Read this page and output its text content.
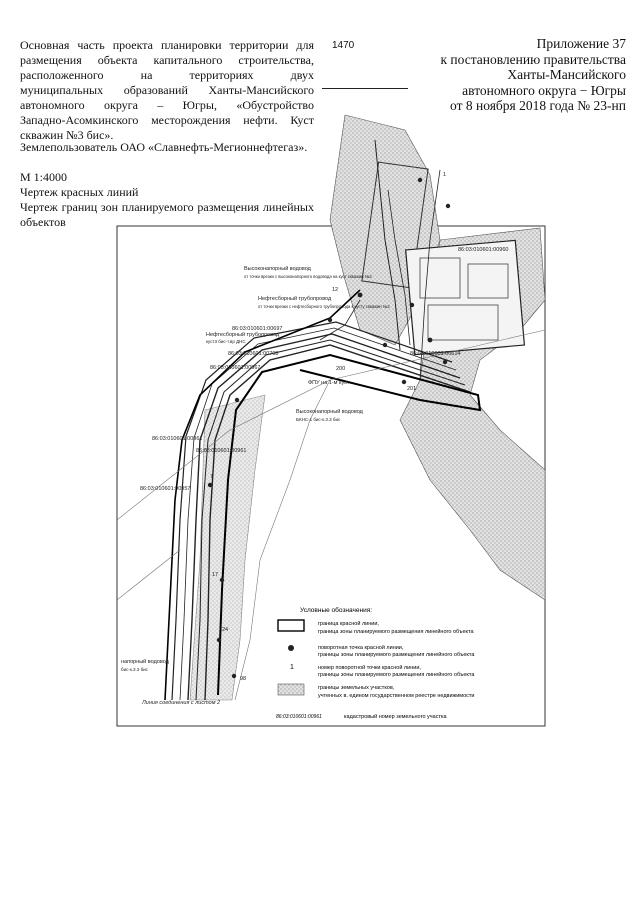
Основная часть проекта планировки территории для
размещения объекта капитального строительства,
расположенного на территориях двух
муниципальных образований Ханты-Мансийского
автономного округа – Югры, «Обустройство
Западно-Асомкинского месторождения нефти. Куст
скважин №3 бис».
Землепользователь ОАО «Славнефть-Мегионнефтегаз».
М 1:4000
Чертеж красных линий
Чертеж границ зон планируемого размещения линейных объектов
1470	Приложение 37
к постановлению правительства
Ханты-Мансийского
автономного округа − Югры
от 8 ноября 2018 года № 23-нп
Высоконапорный водовод
от точки врезки с высоконапорного водовода на куст скважин №3
Нефтесборный трубопровод
от точки врезки с нефтесборного трубопровода к кусту скважин №3
Нефтесборный трубопровод
куст3 бис-т.вр ДНС
86:03:010601:00960
86:03:010601:00697
86:03:010601:00708
86:03:010601:00967
86:03:010601:00614
86:03:010601:00961
86:03:010601:00957
86:03:010601:00961
ФПУ на 1-м куст
Высоконапорный водовод
БКНС-1 бис-к.3.3 бис
напорный водовод
бис-к.3.3 бис
Линия соединения с листом 2
12
17
24
200
201
98
1
7
Условные обозначения:
граница красной линии,
граница зоны планируемого размещения линейного объекта
поворотная точка красной линии,
границы зоны планируемого размещения линейного объекта
1	номер поворотной точки красной линии,
границы зоны планируемого размещения линейного объекта
границы земельных участков,
учтенных в. едином государственном реестре недвижимости
86:03:010601:00961	кадастровый номер земельного участка
